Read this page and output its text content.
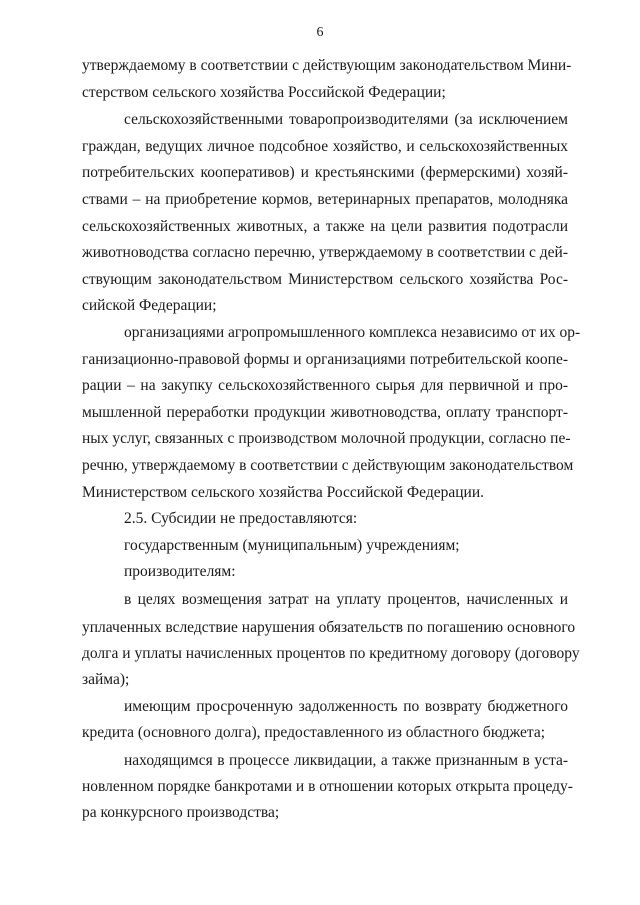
6
утверждаемому в соответствии с действующим законодательством Мини-
стерством сельского хозяйства Российской Федерации;
сельскохозяйственными товаропроизводителями (за исключением
граждан, ведущих личное подсобное хозяйство, и сельскохозяйственных
потребительских кооперативов) и крестьянскими (фермерскими) хозяй-
ствами – на приобретение кормов, ветеринарных препаратов, молодняка
сельскохозяйственных животных, а также на цели развития подотрасли
животноводства согласно перечню, утверждаемому в соответствии с дей-
ствующим законодательством Министерством сельского хозяйства Рос-
сийской Федерации;
организациями агропромышленного комплекса независимо от их ор-
ганизационно-правовой формы и организациями потребительской коопе-
рации – на закупку сельскохозяйственного сырья для первичной и про-
мышленной переработки продукции животноводства, оплату транспорт-
ных услуг, связанных с производством молочной продукции, согласно пе-
речню, утверждаемому в соответствии с действующим законодательством
Министерством сельского хозяйства Российской Федерации.
2.5. Субсидии не предоставляются:
государственным (муниципальным) учреждениям;
производителям:
в целях возмещения затрат на уплату процентов, начисленных и
уплаченных вследствие нарушения обязательств по погашению основного
долга и уплаты начисленных процентов по кредитному договору (договору
займа);
имеющим просроченную задолженность по возврату бюджетного
кредита (основного долга), предоставленного из областного бюджета;
находящимся в процессе ликвидации, а также признанным в уста-
новленном порядке банкротами и в отношении которых открыта процеду-
ра конкурсного производства;
